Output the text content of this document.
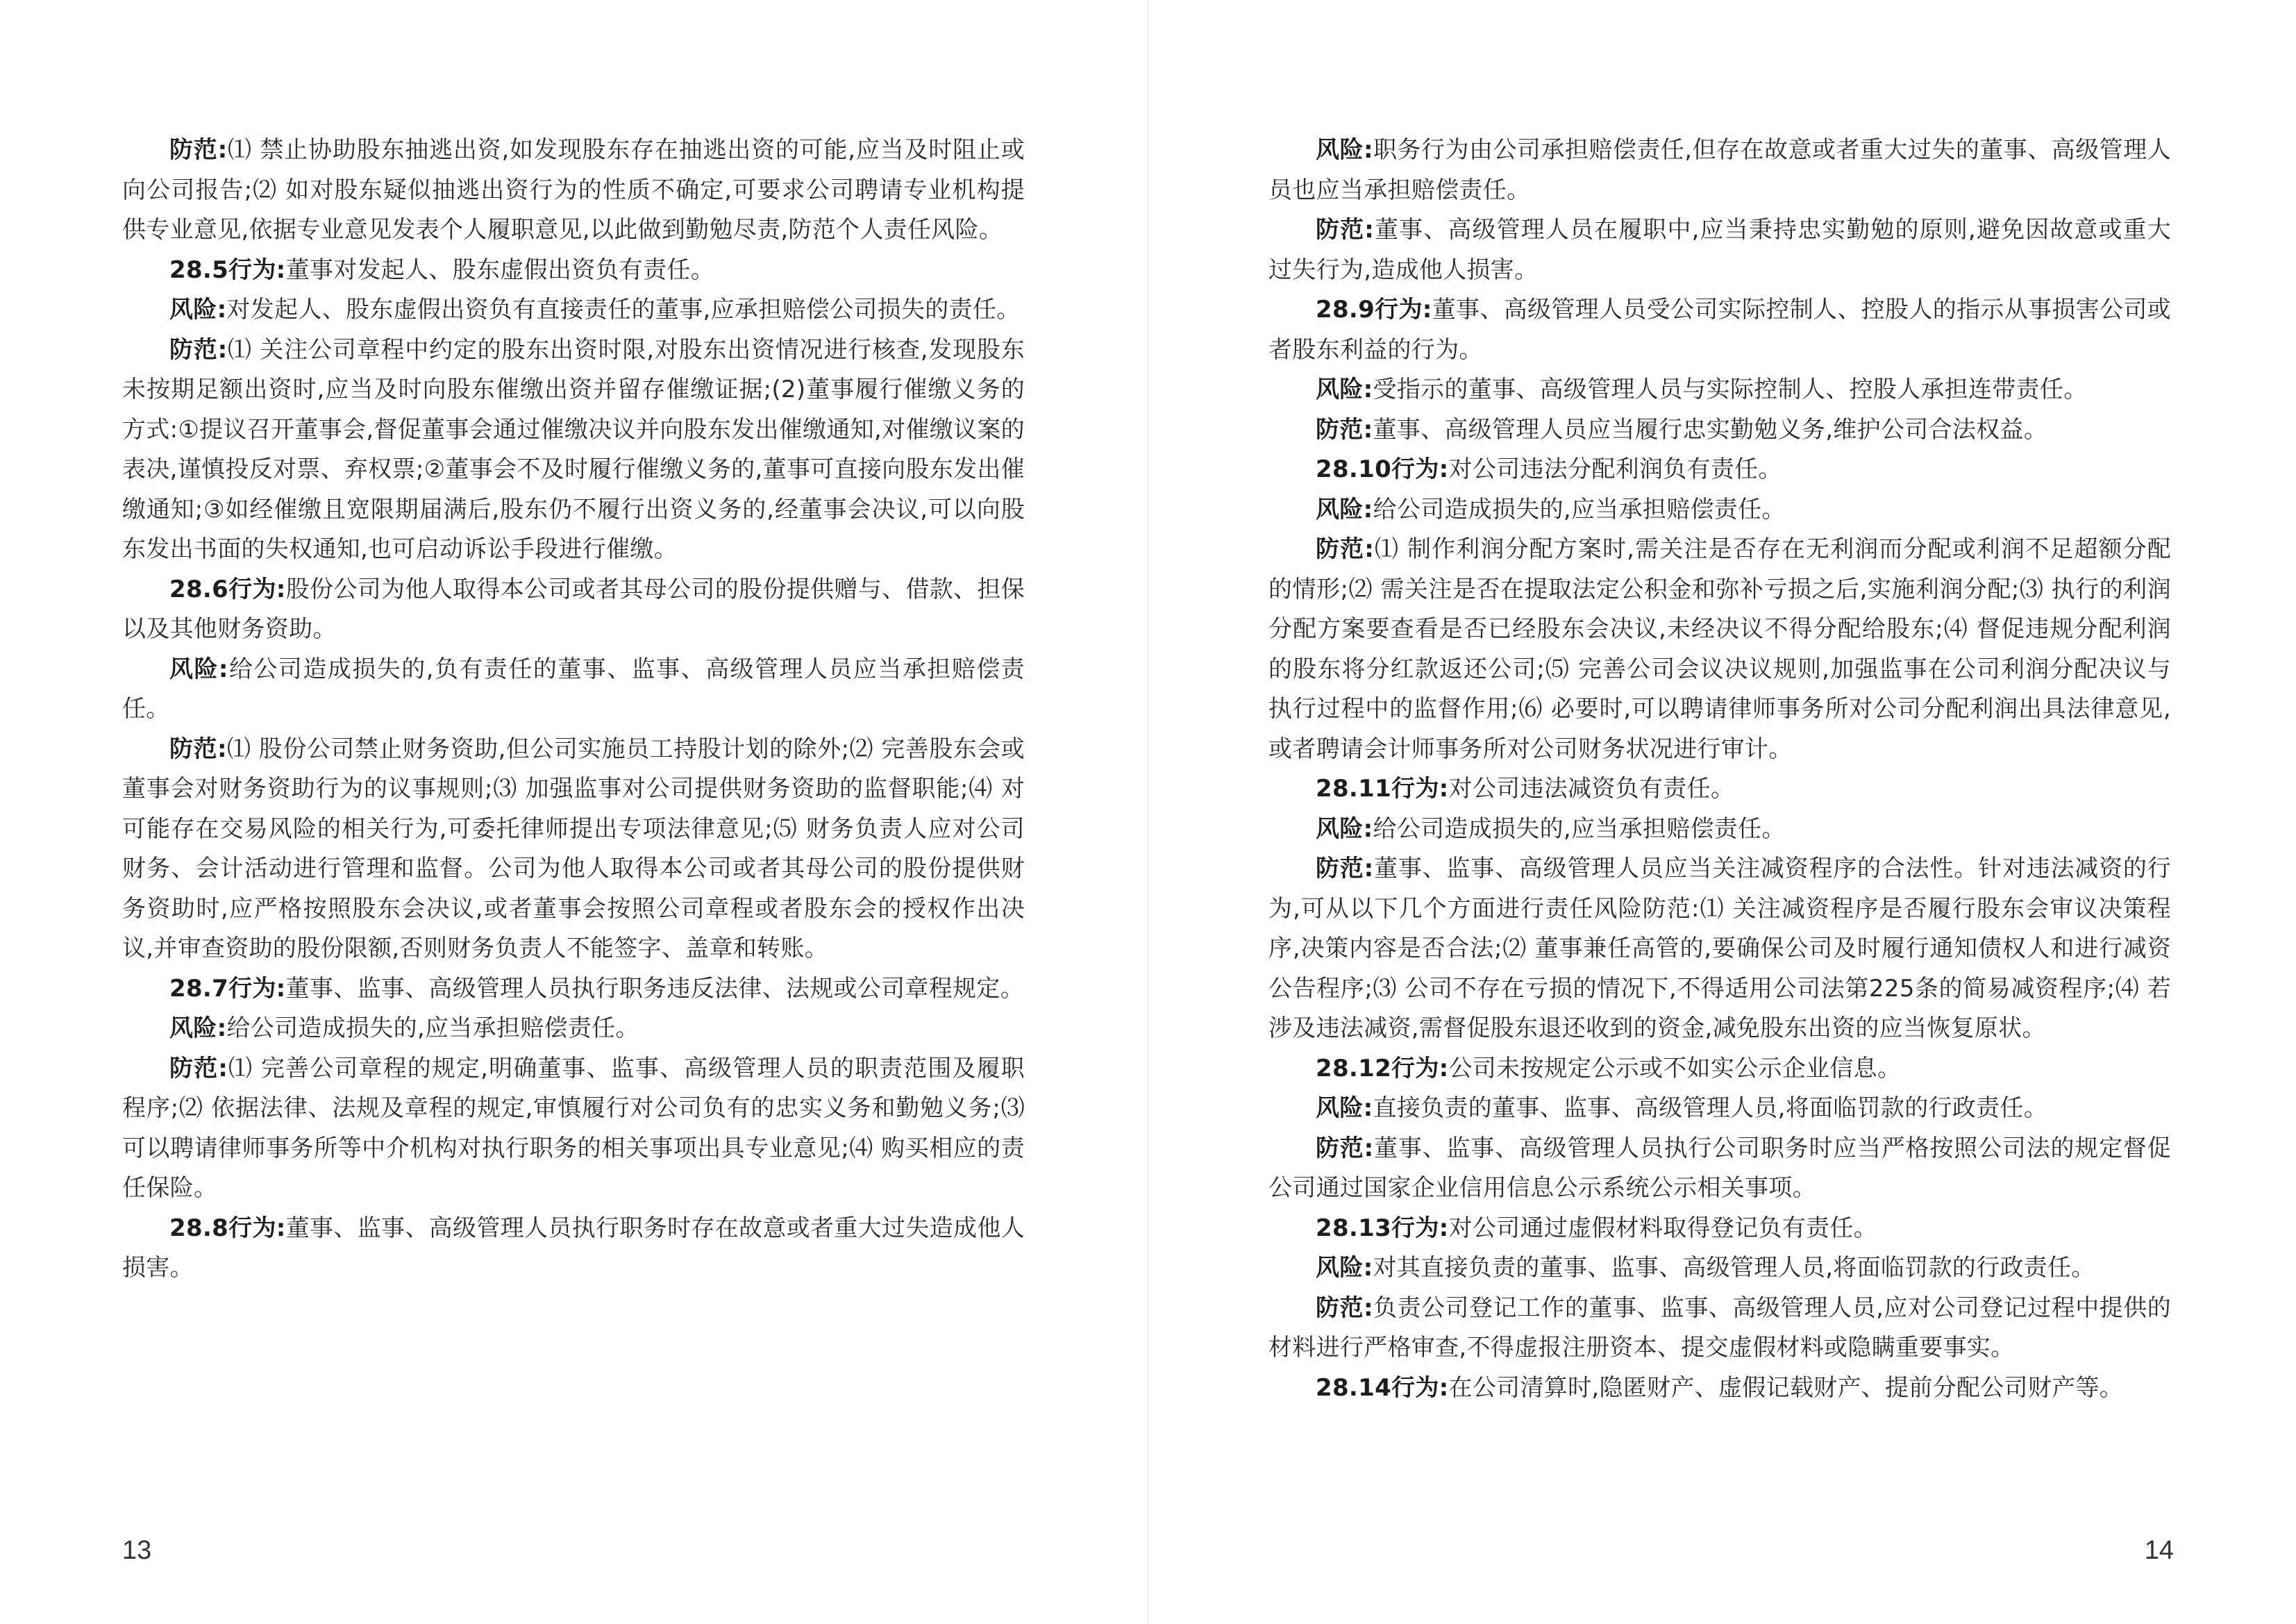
防范:⑴ 禁止协助股东抽逃出资,如发现股东存在抽逃出资的可能,应当及时阻止或向公司报告;⑵ 如对股东疑似抽逃出资行为的性质不确定,可要求公司聘请专业机构提供专业意见,依据专业意见发表个人履职意见,以此做到勤勉尽责,防范个人责任风险。

28.5行为:董事对发起人、股东虚假出资负有责任。

风险:对发起人、股东虚假出资负有直接责任的董事,应承担赔偿公司损失的责任。

防范:⑴ 关注公司章程中约定的股东出资时限,对股东出资情况进行核查,发现股东未按期足额出资时,应当及时向股东催缴出资并留存催缴证据;(2)董事履行催缴义务的方式:①提议召开董事会,督促董事会通过催缴决议并向股东发出催缴通知,对催缴议案的表决,谨慎投反对票、弃权票;②董事会不及时履行催缴义务的,董事可直接向股东发出催缴通知;③如经催缴且宽限期届满后,股东仍不履行出资义务的,经董事会决议,可以向股东发出书面的失权通知,也可启动诉讼手段进行催缴。

28.6行为:股份公司为他人取得本公司或者其母公司的股份提供赠与、借款、担保以及其他财务资助。

风险:给公司造成损失的,负有责任的董事、监事、高级管理人员应当承担赔偿责任。

防范:⑴ 股份公司禁止财务资助,但公司实施员工持股计划的除外;⑵ 完善股东会或董事会对财务资助行为的议事规则;⑶ 加强监事对公司提供财务资助的监督职能;⑷ 对可能存在交易风险的相关行为,可委托律师提出专项法律意见;⑸ 财务负责人应对公司财务、会计活动进行管理和监督。公司为他人取得本公司或者其母公司的股份提供财务资助时,应严格按照股东会决议,或者董事会按照公司章程或者股东会的授权作出决议,并审查资助的股份限额,否则财务负责人不能签字、盖章和转账。

28.7行为:董事、监事、高级管理人员执行职务违反法律、法规或公司章程规定。

风险:给公司造成损失的,应当承担赔偿责任。

防范:⑴ 完善公司章程的规定,明确董事、监事、高级管理人员的职责范围及履职程序;⑵ 依据法律、法规及章程的规定,审慎履行对公司负有的忠实义务和勤勉义务;⑶ 可以聘请律师事务所等中介机构对执行职务的相关事项出具专业意见;⑷ 购买相应的责任保险。

28.8行为:董事、监事、高级管理人员执行职务时存在故意或者重大过失造成他人损害。

13

风险:职务行为由公司承担赔偿责任,但存在故意或者重大过失的董事、高级管理人员也应当承担赔偿责任。

防范:董事、高级管理人员在履职中,应当秉持忠实勤勉的原则,避免因故意或重大过失行为,造成他人损害。

28.9行为:董事、高级管理人员受公司实际控制人、控股人的指示从事损害公司或者股东利益的行为。

风险:受指示的董事、高级管理人员与实际控制人、控股人承担连带责任。

防范:董事、高级管理人员应当履行忠实勤勉义务,维护公司合法权益。

28.10行为:对公司违法分配利润负有责任。

风险:给公司造成损失的,应当承担赔偿责任。

防范:⑴ 制作利润分配方案时,需关注是否存在无利润而分配或利润不足超额分配的情形;⑵ 需关注是否在提取法定公积金和弥补亏损之后,实施利润分配;⑶ 执行的利润分配方案要查看是否已经股东会决议,未经决议不得分配给股东;⑷ 督促违规分配利润的股东将分红款返还公司;⑸ 完善公司会议决议规则,加强监事在公司利润分配决议与执行过程中的监督作用;⑹ 必要时,可以聘请律师事务所对公司分配利润出具法律意见,或者聘请会计师事务所对公司财务状况进行审计。

28.11行为:对公司违法减资负有责任。

风险:给公司造成损失的,应当承担赔偿责任。

防范:董事、监事、高级管理人员应当关注减资程序的合法性。针对违法减资的行为,可从以下几个方面进行责任风险防范:⑴ 关注减资程序是否履行股东会审议决策程序,决策内容是否合法;⑵ 董事兼任高管的,要确保公司及时履行通知债权人和进行减资公告程序;⑶ 公司不存在亏损的情况下,不得适用公司法第225条的简易减资程序;⑷ 若涉及违法减资,需督促股东退还收到的资金,减免股东出资的应当恢复原状。

28.12行为:公司未按规定公示或不如实公示企业信息。

风险:直接负责的董事、监事、高级管理人员,将面临罚款的行政责任。

防范:董事、监事、高级管理人员执行公司职务时应当严格按照公司法的规定督促公司通过国家企业信用信息公示系统公示相关事项。

28.13行为:对公司通过虚假材料取得登记负有责任。

风险:对其直接负责的董事、监事、高级管理人员,将面临罚款的行政责任。

防范:负责公司登记工作的董事、监事、高级管理人员,应对公司登记过程中提供的材料进行严格审查,不得虚报注册资本、提交虚假材料或隐瞒重要事实。

28.14行为:在公司清算时,隐匿财产、虚假记载财产、提前分配公司财产等。

14
